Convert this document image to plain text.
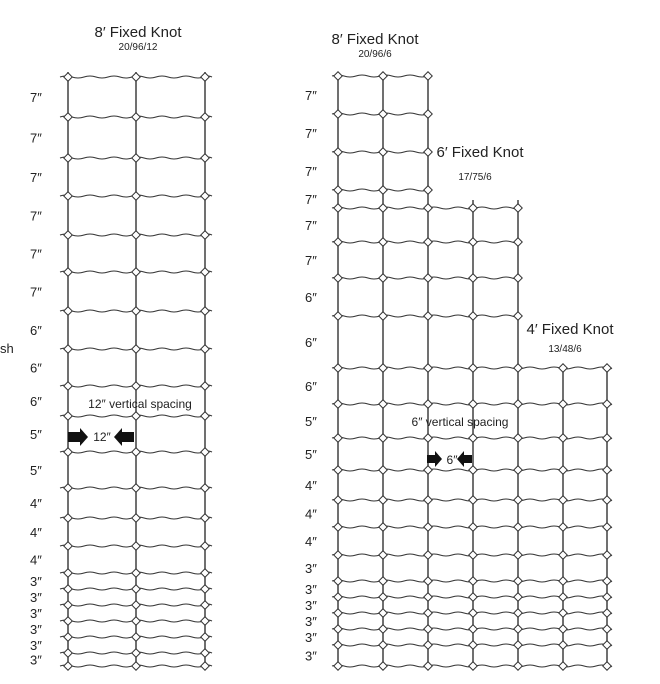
7″
7″
7″
7″
7″
7″
6″
6″
6″
5″
5″
4″
4″
4″
3″
3″
3″
3″
3″
3″
7″
7″
7″
7″
7″
7″
6″
6″
6″
5″
5″
4″
4″
4″
3″
3″
3″
3″
3″
3″
8′ Fixed Knot
20/96/12
sh
8′ Fixed Knot
20/96/6
6′ Fixed Knot
17/75/6
4′ Fixed Knot
13/48/6
12″ vertical spacing
12″
6″ vertical spacing
6″
